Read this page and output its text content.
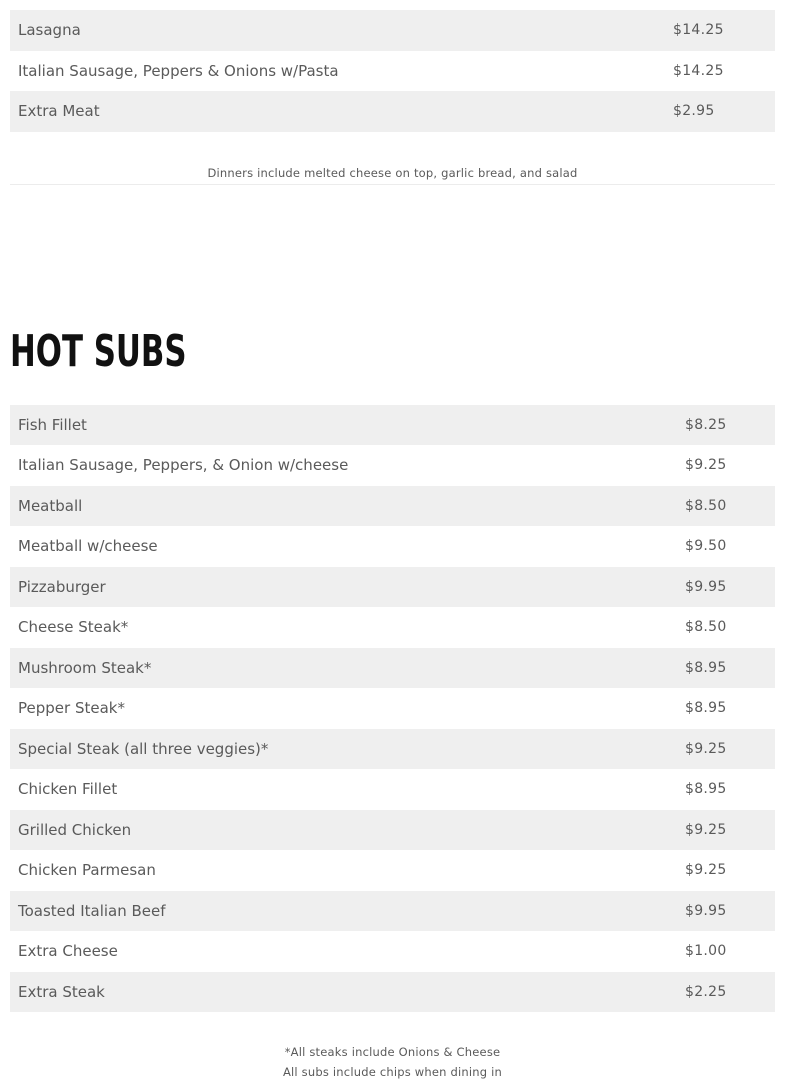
Lasagna	$14.25
Italian Sausage, Peppers & Onions w/Pasta	$14.25
Extra Meat	$2.95
Dinners include melted cheese on top, garlic bread, and salad
HOT SUBS
Fish Fillet	$8.25
Italian Sausage, Peppers, & Onion w/cheese	$9.25
Meatball	$8.50
Meatball w/cheese	$9.50
Pizzaburger	$9.95
Cheese Steak*	$8.50
Mushroom Steak*	$8.95
Pepper Steak*	$8.95
Special Steak (all three veggies)*	$9.25
Chicken Fillet	$8.95
Grilled Chicken	$9.25
Chicken Parmesan	$9.25
Toasted Italian Beef	$9.95
Extra Cheese	$1.00
Extra Steak	$2.25
*All steaks include Onions & Cheese
All subs include chips when dining in
